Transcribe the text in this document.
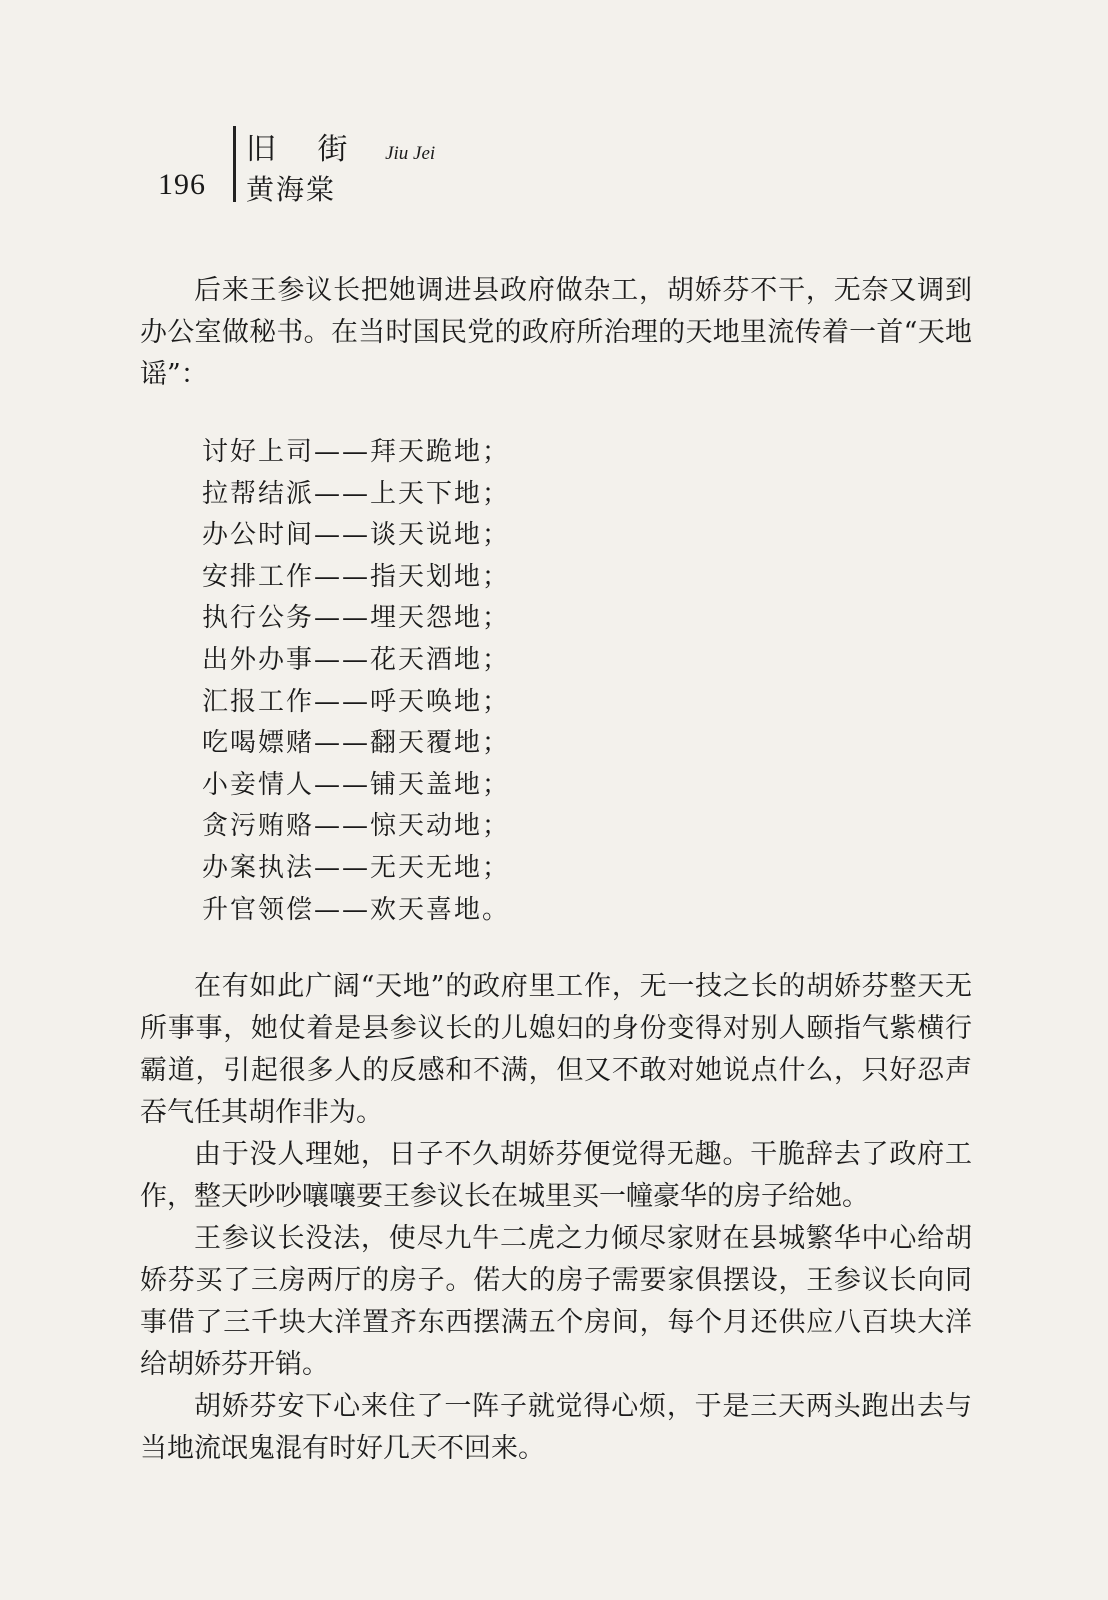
196
旧 街 Jiu Jei
黄海棠

后来王参议长把她调进县政府做杂工，胡娇芬不干，无奈又调到办公室做秘书。在当时国民党的政府所治理的天地里流传着一首“天地谣”：

讨好上司——拜天跪地；
拉帮结派——上天下地；
办公时间——谈天说地；
安排工作——指天划地；
执行公务——埋天怨地；
出外办事——花天酒地；
汇报工作——呼天唤地；
吃喝嫖赌——翻天覆地；
小妾情人——铺天盖地；
贪污贿赂——惊天动地；
办案执法——无天无地；
升官领偿——欢天喜地。

在有如此广阔“天地”的政府里工作，无一技之长的胡娇芬整天无所事事，她仗着是县参议长的儿媳妇的身份变得对别人颐指气紫横行霸道，引起很多人的反感和不满，但又不敢对她说点什么，只好忍声吞气任其胡作非为。

由于没人理她，日子不久胡娇芬便觉得无趣。干脆辞去了政府工作，整天吵吵嚷嚷要王参议长在城里买一幢豪华的房子给她。

王参议长没法，使尽九牛二虎之力倾尽家财在县城繁华中心给胡娇芬买了三房两厅的房子。偌大的房子需要家俱摆设，王参议长向同事借了三千块大洋置齐东西摆满五个房间，每个月还供应八百块大洋给胡娇芬开销。

胡娇芬安下心来住了一阵子就觉得心烦，于是三天两头跑出去与当地流氓鬼混有时好几天不回来。
